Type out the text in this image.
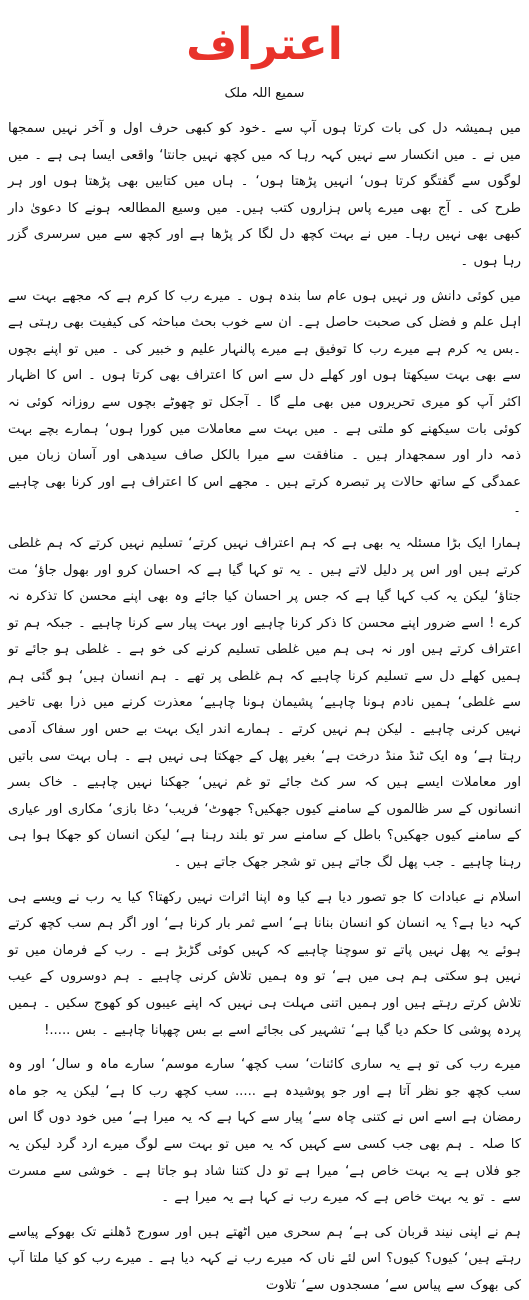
اعتراف
سمیع اللہ ملک

میں ہمیشہ دل کی بات کرتا ہوں آپ سے ۔خود کو کبھی حرف اول و آخر نہیں سمجھا میں نے ۔ میں انکسار سے نہیں کہہ رہا کہ میں کچھ نہیں جانتا‘ واقعی ایسا ہی ہے ۔ میں لوگوں سے گفتگو کرتا ہوں‘ انہیں پڑھتا ہوں‘ ۔ ہاں میں کتابیں بھی پڑھتا ہوں اور ہر طرح کی ۔ آج بھی میرے پاس ہزاروں کتب ہیں۔ میں وسیع المطالعہ ہونے کا دعویٰ دار کبھی بھی نہیں رہا۔ میں نے بہت کچھ دل لگا کر پڑھا ہے اور کچھ سے میں سرسری گزر رہا ہوں ۔

میں کوئی دانش ور نہیں ہوں عام سا بندہ ہوں ۔ میرے رب کا کرم ہے کہ مجھے بہت سے اہل علم و فضل کی صحبت حاصل ہے۔ ان سے خوب بحث مباحثہ کی کیفیت بھی رہتی ہے ۔بس یہ کرم ہے میرے رب کا توفیق ہے میرے پالنہار علیم و خبیر کی ۔ میں تو اپنے بچوں سے بھی بہت سیکھتا ہوں اور کھلے دل سے اس کا اعتراف بھی کرتا ہوں ۔ اس کا اظہار اکثر آپ کو میری تحریروں میں بھی ملے گا ۔ آجکل تو چھوٹے بچوں سے روزانہ کوئی نہ کوئی بات سیکھنے کو ملتی ہے ۔ میں بہت سے معاملات میں کورا ہوں‘ ہمارے بچے بہت ذمہ دار اور سمجھدار ہیں ۔ منافقت سے میرا بالکل صاف سیدھی اور آسان زبان میں عمدگی کے ساتھ حالات پر تبصرہ کرتے ہیں ۔ مجھے اس کا اعتراف ہے اور کرنا بھی چاہیے ۔

ہمارا ایک بڑا مسئلہ یہ بھی ہے کہ ہم اعتراف نہیں کرتے‘ تسلیم نہیں کرتے کہ ہم غلطی کرتے ہیں اور اس پر دلیل لاتے ہیں ۔ یہ تو کہا گیا ہے کہ احسان کرو اور بھول جاؤ‘ مت جتاؤ‘ لیکن یہ کب کہا گیا ہے کہ جس پر احسان کیا جائے وہ بھی اپنے محسن کا تذکرہ نہ کرے ! اسے ضرور اپنے محسن کا ذکر کرنا چاہیے اور بہت پیار سے کرنا چاہیے ۔ جبکہ ہم تو اعتراف کرتے ہیں اور نہ ہی ہم میں غلطی تسلیم کرنے کی خو ہے ۔ غلطی ہو جائے تو ہمیں کھلے دل سے تسلیم کرنا چاہیے کہ ہم غلطی پر تھے ۔ ہم انسان ہیں‘ ہو گئی ہم سے غلطی‘ ہمیں نادم ہونا چاہیے‘ پشیمان ہونا چاہیے‘ معذرت کرنے میں ذرا بھی تاخیر نہیں کرنی چاہیے ۔ لیکن ہم نہیں کرتے ۔ ہمارے اندر ایک بہت بے حس اور سفاک آدمی رہتا ہے‘ وہ ایک ٹنڈ منڈ درخت ہے‘ بغیر پھل کے جھکتا ہی نہیں ہے ۔ ہاں بہت سی باتیں اور معاملات ایسے ہیں کہ سر کٹ جائے تو غم نہیں‘ جھکنا نہیں چاہیے ۔ خاک بسر انسانوں کے سر ظالموں کے سامنے کیوں جھکیں؟ جھوٹ‘ فریب‘ دغا بازی‘ مکاری اور عیاری کے سامنے کیوں جھکیں؟ باطل کے سامنے سر تو بلند رہنا ہے‘ لیکن انسان کو جھکا ہوا ہی رہنا چاہیے ۔ جب پھل لگ جاتے ہیں تو شجر جھک جاتے ہیں ۔

اسلام نے عبادات کا جو تصور دیا ہے کیا وہ اپنا اثرات نہیں رکھتا؟ کیا یہ رب نے ویسے ہی کہہ دیا ہے؟ یہ انسان کو انسان بنانا ہے‘ اسے ثمر بار کرنا ہے‘ اور اگر ہم سب کچھ کرتے ہوئے یہ پھل نہیں پاتے تو سوچنا چاہیے کہ کہیں کوئی گڑبڑ ہے ۔ رب کے فرمان میں تو نہیں ہو سکتی ہم ہی میں ہے‘ تو وہ ہمیں تلاش کرنی چاہیے ۔ ہم دوسروں کے عیب تلاش کرتے رہتے ہیں اور ہمیں اتنی مہلت ہی نہیں کہ اپنے عیبوں کو کھوج سکیں ۔ ہمیں پردہ پوشی کا حکم دیا گیا ہے‘ تشہیر کی بجائے اسے بے بس چھپانا چاہیے ۔ بس .....!

میرے رب کی تو ہے یہ ساری کائنات‘ سب کچھ‘ سارے موسم‘ سارے ماہ و سال‘ اور وہ سب کچھ جو نظر آتا ہے اور جو پوشیدہ ہے ..... سب کچھ رب کا ہے‘ لیکن یہ جو ماہ رمضان ہے اسے اس نے کتنی چاہ سے‘ پیار سے کہا ہے کہ یہ میرا ہے‘ میں خود دوں گا اس کا صلہ ۔ ہم بھی جب کسی سے کہیں کہ یہ میں تو بہت سے لوگ میرے ارد گرد لیکن یہ جو فلاں ہے یہ بہت خاص ہے‘ میرا ہے تو دل کتنا شاد ہو جاتا ہے ۔ خوشی سے مسرت سے ۔ تو یہ بہت خاص ہے کہ میرے رب نے کہا ہے یہ میرا ہے ۔

ہم نے اپنی نیند قربان کی ہے‘ ہم سحری میں اٹھتے ہیں اور سورج ڈھلنے تک بھوکے پیاسے رہتے ہیں‘ کیوں؟ کیوں؟ اس لئے ناں کہ میرے رب نے کہہ دیا ہے ۔ میرے رب کو کیا ملتا آپ کی بھوک سے پیاس سے‘ مسجدوں سے‘ تلاوت
